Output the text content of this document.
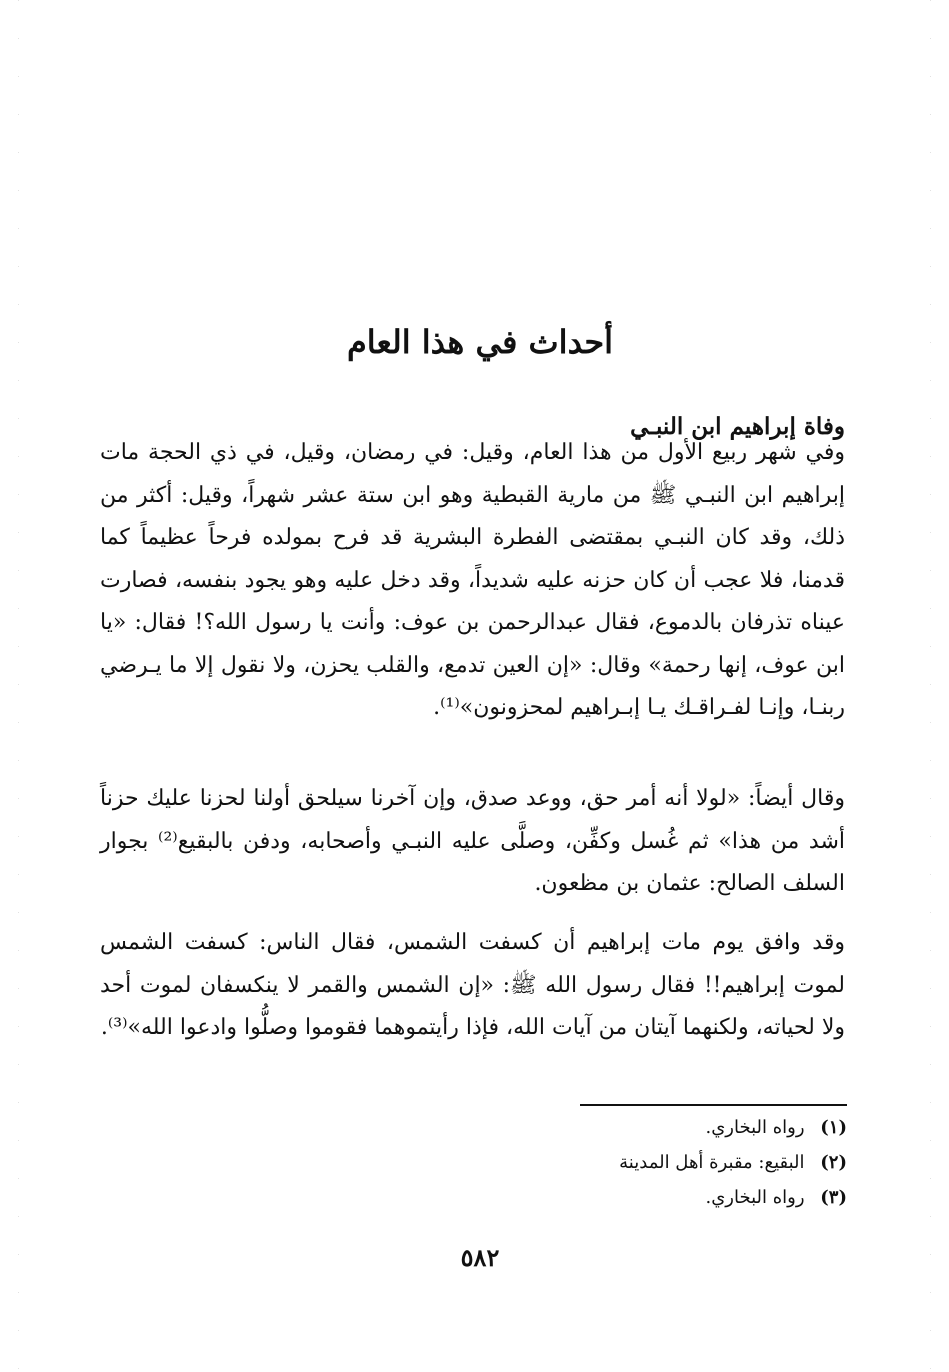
أحداث في هذا العام
وفاة إبراهيم ابن النبـي

وفي شهر ربيع الأول من هذا العام، وقيل: في رمضان، وقيل، في ذي الحجة مات إبراهيم ابن النبـي ﷺ من مارية القبطية وهو ابن ستة عشر شهراً، وقيل: أكثر من ذلك، وقد كان النبـي بمقتضى الفطرة البشرية قد فرح بمولده فرحاً عظيماً كما قدمنا، فلا عجب أن كان حزنه عليه شديداً، وقد دخل عليه وهو يجود بنفسه، فصارت عيناه تذرفان بالدموع، فقال عبدالرحمن بن عوف: وأنت يا رسول الله؟! فقال: «يا ابن عوف، إنها رحمة» وقال: «إن العين تدمع، والقلب يحزن، ولا نقول إلا ما يـرضي ربنـا، وإنـا لفـراقـك يـا إبـراهيم لمحزونون»⁽¹⁾.

وقال أيضاً: «لولا أنه أمر حق، ووعد صدق، وإن آخرنا سيلحق أولنا لحزنا عليك حزناً أشد من هذا» ثم غُسل وكفِّن، وصلَّى عليه النبـي وأصحابه، ودفن بالبقيع⁽²⁾ بجوار السلف الصالح: عثمان بن مظعون.

وقد وافق يوم مات إبراهيم أن كسفت الشمس، فقال الناس: كسفت الشمس لموت إبراهيم!! فقال رسول الله ﷺ: «إن الشمس والقمر لا ينكسفان لموت أحد ولا لحياته، ولكنهما آيتان من آيات الله، فإذا رأيتموهما فقوموا وصلُّوا وادعوا الله»⁽³⁾.

(١) رواه البخاري.
(٢) البقيع: مقبرة أهل المدينة
(٣) رواه البخاري.
٥٨٢
